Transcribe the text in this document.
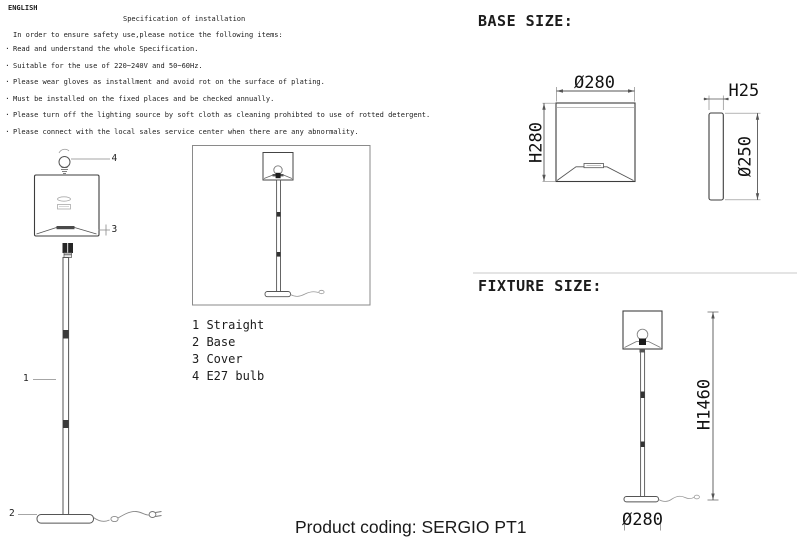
ENGLISH
Specification of installation
In order to ensure safety use,please notice the following items:
· Read and understand the whole Specification.
· Suitable for the use of 220~240V and 50~60Hz.
· Please wear gloves as installment and avoid rot on the surface of plating.
· Must be installed on the fixed places and be checked annually.
· Please turn off the lighting source by soft cloth as cleaning prohibted to use of rotted detergent.
· Please connect with the local sales service center when there are any abnormality.
4
3
1
2
1 Straight
2 Base
3 Cover
4 E27 bulb
BASE SIZE:
Ø280
H280
H25
Ø250
FIXTURE SIZE:
H1460
Ø280
Product coding: SERGIO PT1
